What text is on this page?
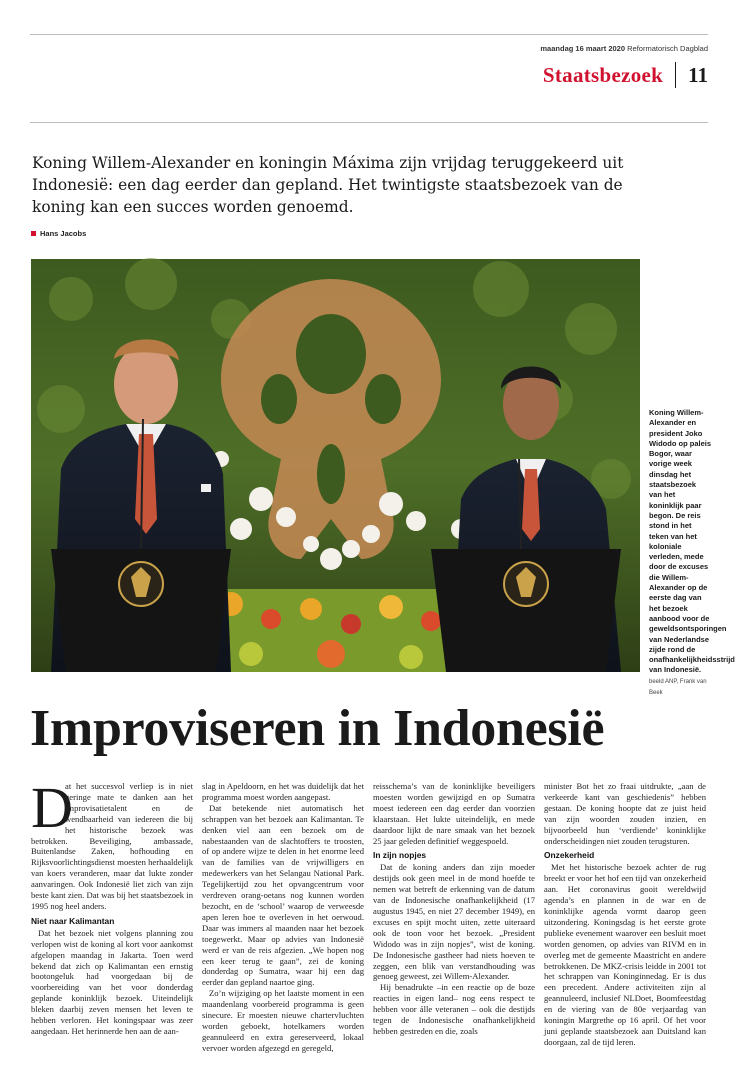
maandag 16 maart 2020 Reformatorisch Dagblad
Staatsbezoek 11
Koning Willem-Alexander en koningin Máxima zijn vrijdag teruggekeerd uit Indonesië: een dag eerder dan gepland. Het twintigste staatsbezoek van de koning kan een succes worden genoemd.
Hans Jacobs
Koning Willem-Alexander en president Joko Widodo op paleis Bogor, waar vorige week dinsdag het staatsbezoek van het koninklijk paar begon. De reis stond in het teken van het koloniale verleden, mede door de excuses die Willem-Alexander op de eerste dag van het bezoek aanbood voor de geweldsontsporingen van Nederlandse zijde rond de onafhankelijkheidsstrijd van Indonesië. beeld ANP, Frank van Beek
Improviseren in Indonesië
D

at het succesvol verliep is in niet geringe mate te danken aan het improvisatietalent en de wendbaarheid van iedereen die bij het historische bezoek was betrokken. Beveiliging, ambassade, Buitenlandse Zaken, hofhouding en Rijksvoorlichtingsdienst moesten herhaaldelijk van koers veranderen, maar dat lukte zonder aanvaringen. Ook Indonesië liet zich van zijn beste kant zien. Dat was bij het staatsbezoek in 1995 nog heel anders.

Niet naar Kalimantan

Dat het bezoek niet volgens planning zou verlopen wist de koning al kort voor aankomst afgelopen maandag in Jakarta. Toen werd bekend dat zich op Kalimantan een ernstig bootongeluk had voorgedaan bij de voorbereiding van het voor donderdag geplande koninklijk bezoek. Uiteindelijk bleken daarbij zeven mensen het leven te hebben verloren. Het koningspaar was zeer aangedaan. Het herinnerde hen aan de aan-

slag in Apeldoorn, en het was duidelijk dat het programma moest worden aangepast.

Dat betekende niet automatisch het schrappen van het bezoek aan Kalimantan. Te denken viel aan een bezoek om de nabestaanden van de slachtoffers te troosten, of op andere wijze te delen in het enorme leed van de families van de vrijwilligers en medewerkers van het Selangau National Park. Tegelijkertijd zou het opvangcentrum voor verdreven orang-oetans nog kunnen worden bezocht, en de ‘school’ waarop de verweesde apen leren hoe te overleven in het oerwoud. Daar was immers al maanden naar het bezoek toegewerkt. Maar op advies van Indonesië werd er van de reis afgezien. „We hopen nog een keer terug te gaan”, zei de koning donderdag op Sumatra, waar hij een dag eerder dan gepland naartoe ging.

Zo’n wijziging op het laatste moment in een maandenlang voorbereid programma is geen sinecure. Er moesten nieuwe chartervluchten worden geboekt, hotelkamers worden geannuleerd en extra gereserveerd, lokaal vervoer worden afgezegd en geregeld,

reisschema’s van de koninklijke beveiligers moesten worden gewijzigd en op Sumatra moest iedereen een dag eerder dan voorzien klaarstaan. Het lukte uiteindelijk, en mede daardoor lijkt de nare smaak van het bezoek 25 jaar geleden definitief weggespoeld.

In zijn nopjes

Dat de koning anders dan zijn moeder destijds ook geen meel in de mond hoefde te nemen wat betreft de erkenning van de datum van de Indonesische onafhankelijkheid (17 augustus 1945, en niet 27 december 1949), en excuses en spijt mocht uiten, zette uiteraard ook de toon voor het bezoek. „President Widodo was in zijn nopjes”, wist de koning. De Indonesische gastheer had niets hoeven te zeggen, een blik van verstandhouding was genoeg geweest, zei Willem-Alexander.

Hij benadrukte –in een reactie op de boze reacties in eigen land– nog eens respect te hebben voor álle veteranen – ook die destijds tegen de Indonesische onafhankelijkheid hebben gestreden en die, zoals

minister Bot het zo fraai uitdrukte, „aan de verkeerde kant van geschiedenis” hebben gestaan. De koning hoopte dat ze juist heid van zijn woorden zouden inzien, en bijvoorbeeld hun ‘verdiende’ koninklijke onderscheidingen niet zouden terugsturen.

Onzekerheid

Met het historische bezoek achter de rug breekt er voor het hof een tijd van onzekerheid aan. Het coronavirus gooit wereldwijd agenda’s en plannen in de war en de koninklijke agenda vormt daarop geen uitzondering. Koningsdag is het eerste grote publieke evenement waarover een besluit moet worden genomen, op advies van RIVM en in overleg met de gemeente Maastricht en andere betrokkenen. De MKZ-crisis leidde in 2001 tot het schrappen van Koninginnedag. Er is dus een precedent. Andere activiteiten zijn al geannuleerd, inclusief NLDoet, Boomfeestdag en de viering van de 80e verjaardag van koningin Margrethe op 16 april. Of het voor juni geplande staatsbezoek aan Duitsland kan doorgaan, zal de tijd leren.
